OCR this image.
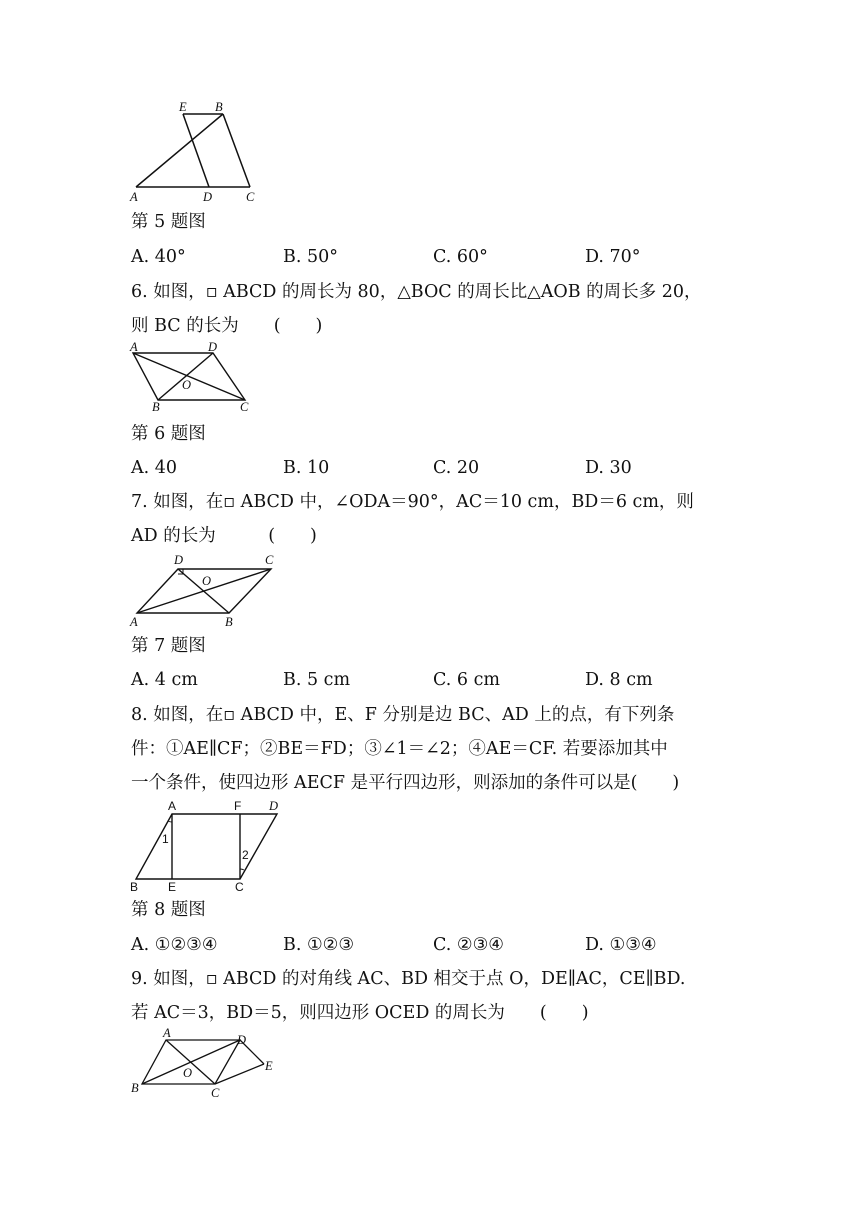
E B
A	D	C
第 5 题图
A. 40°	B. 50°	C. 60°	D. 70°
6. 如图，▫ ABCD 的周长为 80，△BOC 的周长比△AOB 的周长多 20，
则 BC 的长为　　(　　)
A	D
O
B	C
第 6 题图
A. 40	B. 10	C. 20	D. 30
7. 如图，在▫ ABCD 中，∠ODA＝90°，AC＝10 cm，BD＝6 cm，则
AD 的长为　　　(　　)
D	C
O
A	B
第 7 题图
A. 4 cm	B. 5 cm	C. 6 cm	D. 8 cm
8. 如图，在▫ ABCD 中，E、F 分别是边 BC、AD 上的点，有下列条
件：①AE∥CF；②BE＝FD；③∠1＝∠2；④AE＝CF. 若要添加其中
一个条件，使四边形 AECF 是平行四边形，则添加的条件可以是(　　)
A	F D
1
2
B E	C
第 8 题图
A. ①②③④	B. ①②③	C. ②③④	D. ①③④
9. 如图，▫ ABCD 的对角线 AC、BD 相交于点 O，DE∥AC，CE∥BD.
若 AC＝3，BD＝5，则四边形 OCED 的周长为　　(　　)
A	D
E
O
B	C
